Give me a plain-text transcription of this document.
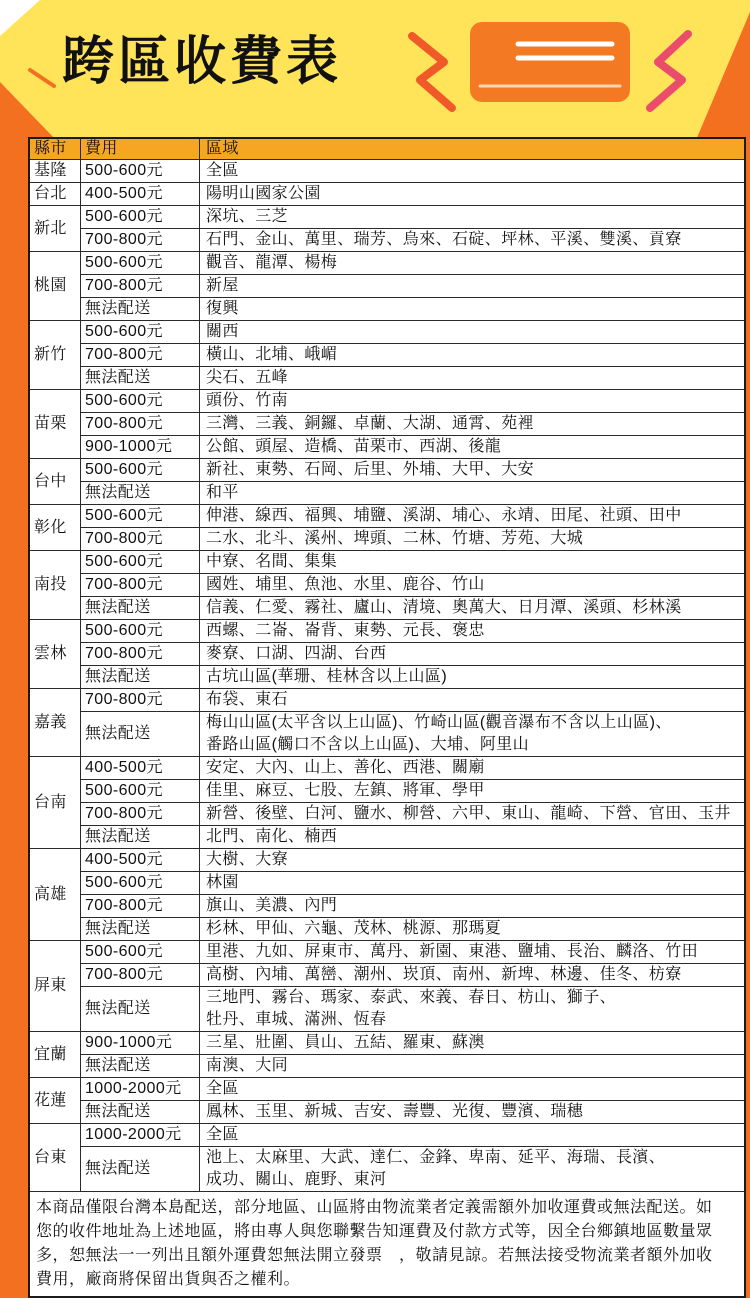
跨區收費表
縣市	費用	區域
基隆	500-600元	全區
台北	400-500元	陽明山國家公園
新北	500-600元	深坑、三芝
	700-800元	石門、金山、萬里、瑞芳、烏來、石碇、坪林、平溪、雙溪、貢寮
桃園	500-600元	觀音、龍潭、楊梅
	700-800元	新屋
	無法配送	復興
新竹	500-600元	關西
	700-800元	橫山、北埔、峨嵋
	無法配送	尖石、五峰
苗栗	500-600元	頭份、竹南
	700-800元	三灣、三義、銅鑼、卓蘭、大湖、通霄、苑裡
	900-1000元	公館、頭屋、造橋、苗栗市、西湖、後龍
台中	500-600元	新社、東勢、石岡、后里、外埔、大甲、大安
	無法配送	和平
彰化	500-600元	伸港、線西、福興、埔鹽、溪湖、埔心、永靖、田尾、社頭、田中
	700-800元	二水、北斗、溪州、埤頭、二林、竹塘、芳苑、大城
南投	500-600元	中寮、名間、集集
	700-800元	國姓、埔里、魚池、水里、鹿谷、竹山
	無法配送	信義、仁愛、霧社、廬山、清境、奧萬大、日月潭、溪頭、杉林溪
雲林	500-600元	西螺、二崙、崙背、東勢、元長、褒忠
	700-800元	麥寮、口湖、四湖、台西
	無法配送	古坑山區(華珊、桂林含以上山區)
嘉義	700-800元	布袋、東石
	無法配送	梅山山區(太平含以上山區)、竹崎山區(觀音瀑布不含以上山區)、
番路山區(觸口不含以上山區)、大埔、阿里山

台南	400-500元	安定、大內、山上、善化、西港、關廟
	500-600元	佳里、麻豆、七股、左鎮、將軍、學甲
	700-800元	新營、後壁、白河、鹽水、柳營、六甲、東山、龍崎、下營、官田、玉井
	無法配送	北門、南化、楠西
高雄	400-500元	大樹、大寮
	500-600元	林園
	700-800元	旗山、美濃、內門
	無法配送	杉林、甲仙、六龜、茂林、桃源、那瑪夏
屏東	500-600元	里港、九如、屏東市、萬丹、新園、東港、鹽埔、長治、麟洛、竹田
	700-800元	高樹、內埔、萬巒、潮州、崁頂、南州、新埤、林邊、佳冬、枋寮
	無法配送	三地門、霧台、瑪家、泰武、來義、春日、枋山、獅子、
牡丹、車城、滿洲、恆春

宜蘭	900-1000元	三星、壯圍、員山、五結、羅東、蘇澳
	無法配送	南澳、大同
花蓮	1000-2000元	全區
	無法配送	鳳林、玉里、新城、吉安、壽豐、光復、豐濱、瑞穗
台東	1000-2000元	全區
	無法配送	池上、太麻里、大武、達仁、金鋒、卑南、延平、海瑞、長濱、
成功、關山、鹿野、東河

本商品僅限台灣本島配送，部分地區、山區將由物流業者定義需額外加收運費或無法配送。如
您的收件地址為上述地區，將由專人與您聯繫告知運費及付款方式等，因全台鄉鎮地區數量眾
多，恕無法一一列出且額外運費恕無法開立發票　，敬請見諒。若無法接受物流業者額外加收
費用，廠商將保留出貨與否之權利。		
